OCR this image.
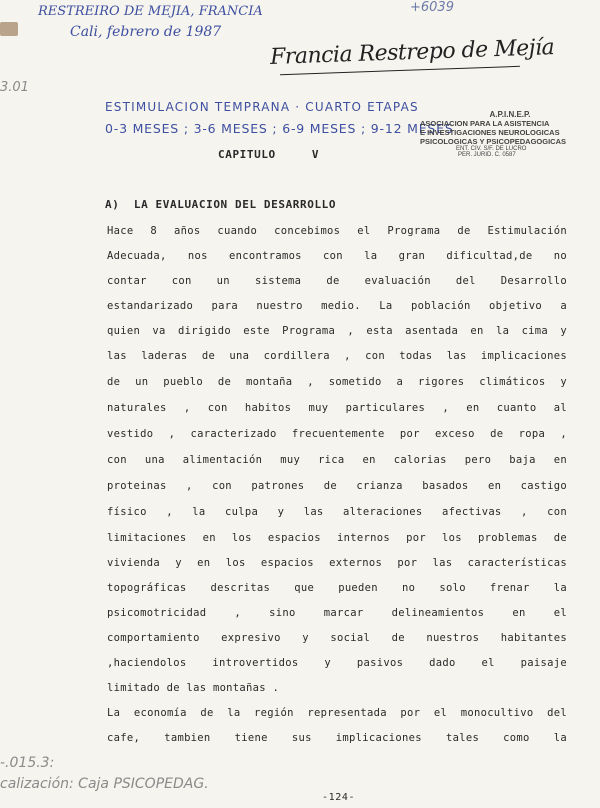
RESTREIRO DE MEJIA, FRANCIA
Cali, febrero de 1987
+6039
3.01
Francia Restrepo de Mejía
ESTIMULACION TEMPRANA · CUARTO ETAPAS
0-3 MESES ; 3-6 MESES ; 6-9 MESES ; 9-12 MESES
A.P.I.N.E.P.
ASOCIACION PARA LA ASISTENCIA
E INVESTIGACIONES NEUROLOGICAS
PSICOLOGICAS Y PSICOPEDAGOGICAS
ENT. CIV. S/F. DE LUCRO
PER. JURID. C. 0587
CAPITULO     V
A)  LA EVALUACION DEL DESARROLLO
Hace 8 años cuando concebimos el Programa de Estimulación
Adecuada, nos encontramos con la gran dificultad,de no
contar con un sistema de evaluación del Desarrollo
estandarizado para nuestro medio. La población objetivo a
quien va dirigido este Programa , esta asentada en la cima y
las laderas de una cordillera , con todas las implicaciones
de un pueblo de montaña , sometido a rigores climáticos y
naturales , con habitos muy particulares , en cuanto al
vestido , caracterizado frecuentemente por exceso de ropa ,
con una alimentación muy rica en calorias pero baja en
proteinas , con patrones de crianza basados en castigo
físico , la culpa y las alteraciones afectivas , con
limitaciones en los espacios internos por los problemas de
vivienda y en los espacios externos por las características
topográficas descritas que pueden no solo frenar la
psicomotricidad , sino marcar delineamientos en el
comportamiento expresivo y social de nuestros habitantes
,haciendolos introvertidos y pasivos dado el paisaje
limitado de las montañas .
La economía de la región representada por el monocultivo del
cafe, tambien tiene sus implicaciones tales como la
-.015.3:
calización: Caja PSICOPEDAG.
-124-
